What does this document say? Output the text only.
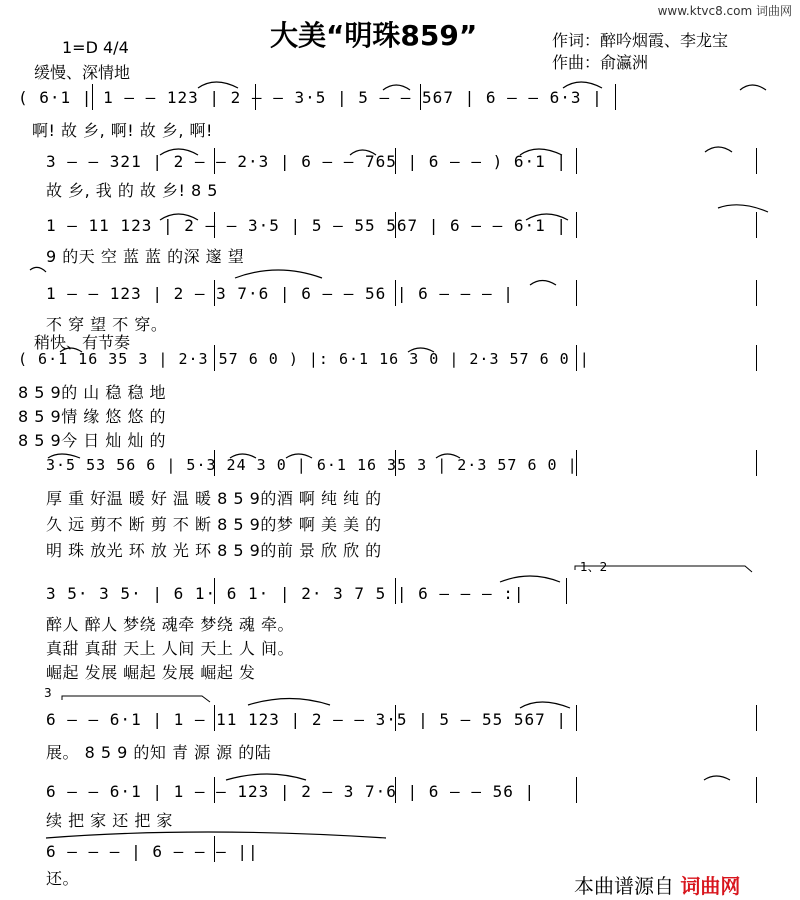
www.ktvc8.com 词曲网
大美“明珠859”
1=D 4/4
缓慢、深情地
作词：醉吟烟霞、李龙宝
作曲：俞瀛洲
( 6·1 | 1 — — 123 | 2 — — 3·5 | 5 — — 567 | 6 — — 6·3 |
啊! 故 乡, 啊! 故 乡, 啊!
3 — — 321 | 2 — — 2·3 | 6 — — 765 | 6 — — ) 6·1 |
故 乡, 我 的 故 乡! 8 5
1 — 11 123 | 2 — — 3·5 | 5 — 55 567 | 6 — — 6·1 |
9 的天 空 蓝 蓝 的深 邃 望
1 — — 123 | 2 — 3 7·6 | 6 — — 56 | 6 — — — |
不 穿 望 不 穿。
稍快、有节奏
( 6·1 16 35 3 | 2·3 57 6 0 ) |: 6·1 16 3 0 | 2·3 57 6 0 |
8 5 9的 山 稳 稳 地
8 5 9情 缘 悠 悠 的
8 5 9今 日 灿 灿 的
3·5 53 56 6 | 5·3 24 3 0 | 6·1 16 35 3 | 2·3 57 6 0 |
厚 重 好温 暖 好 温 暖 8 5 9的酒 啊 纯 纯 的
久 远 剪不 断 剪 不 断 8 5 9的梦 啊 美 美 的
明 珠 放光 环 放 光 环 8 5 9的前 景 欣 欣 的
1、2
3
3 5· 3 5· | 6 1· 6 1· | 2· 3 7 5 | 6 — — — :|
醉人 醉人 梦绕 魂牵 梦绕 魂 牵。
真甜 真甜 天上 人间 天上 人 间。
崛起 发展 崛起 发展 崛起 发
6 — — 6·1 | 1 — 11 123 | 2 — — 3·5 | 5 — 55 567 |
展。 8 5 9 的知 青 源 源 的陆
6 — — 6·1 | 1 — — 123 | 2 — 3 7·6 | 6 — — 56 |
续 把 家 还 把 家
6 — — — | 6 — — — ||
还。	本曲谱源自 词曲网
